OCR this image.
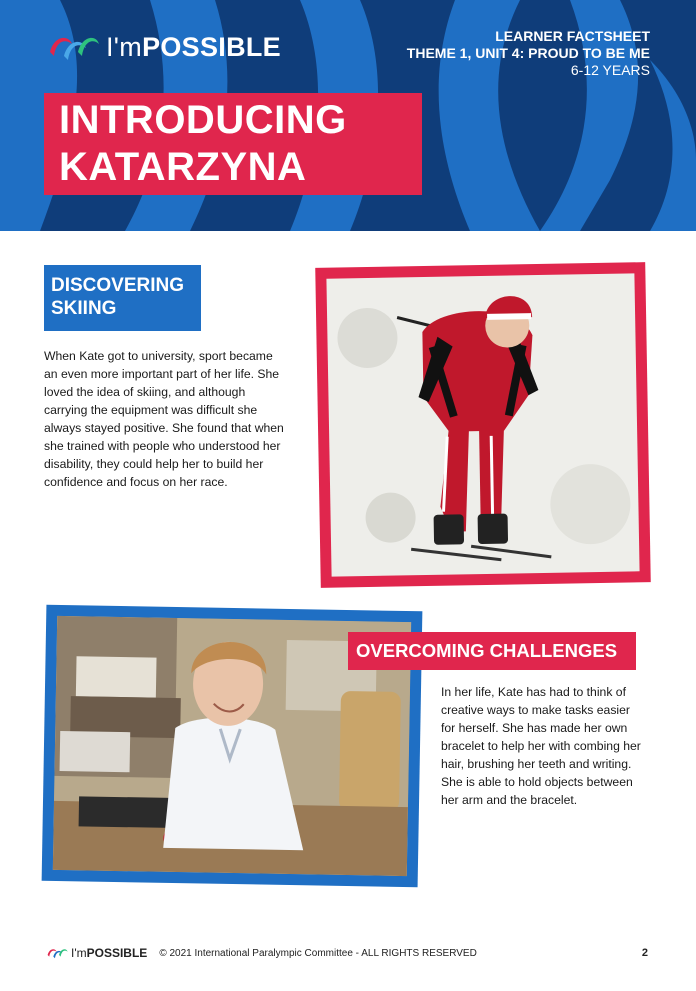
I'mPOSSIBLE	LEARNER FACTSHEET
THEME 1, UNIT 4: PROUD TO BE ME
6-12 YEARS
INTRODUCING
KATARZYNA
DISCOVERING
SKIING

When Kate got to university, sport became an even more important part of her life. She loved the idea of skiing, and although carrying the equipment was difficult she always stayed positive. She found that when she trained with people who understood her disability, they could help her to build her confidence and focus on her race.

OVERCOMING CHALLENGES

In her life, Kate has had to think of creative ways to make tasks easier for herself. She has made her own bracelet to help her with combing her hair, brushing her teeth and writing. She is able to hold objects between her arm and the bracelet.

I'mPOSSIBLE © 2021 International Paralympic Committee - ALL RIGHTS RESERVED	2
